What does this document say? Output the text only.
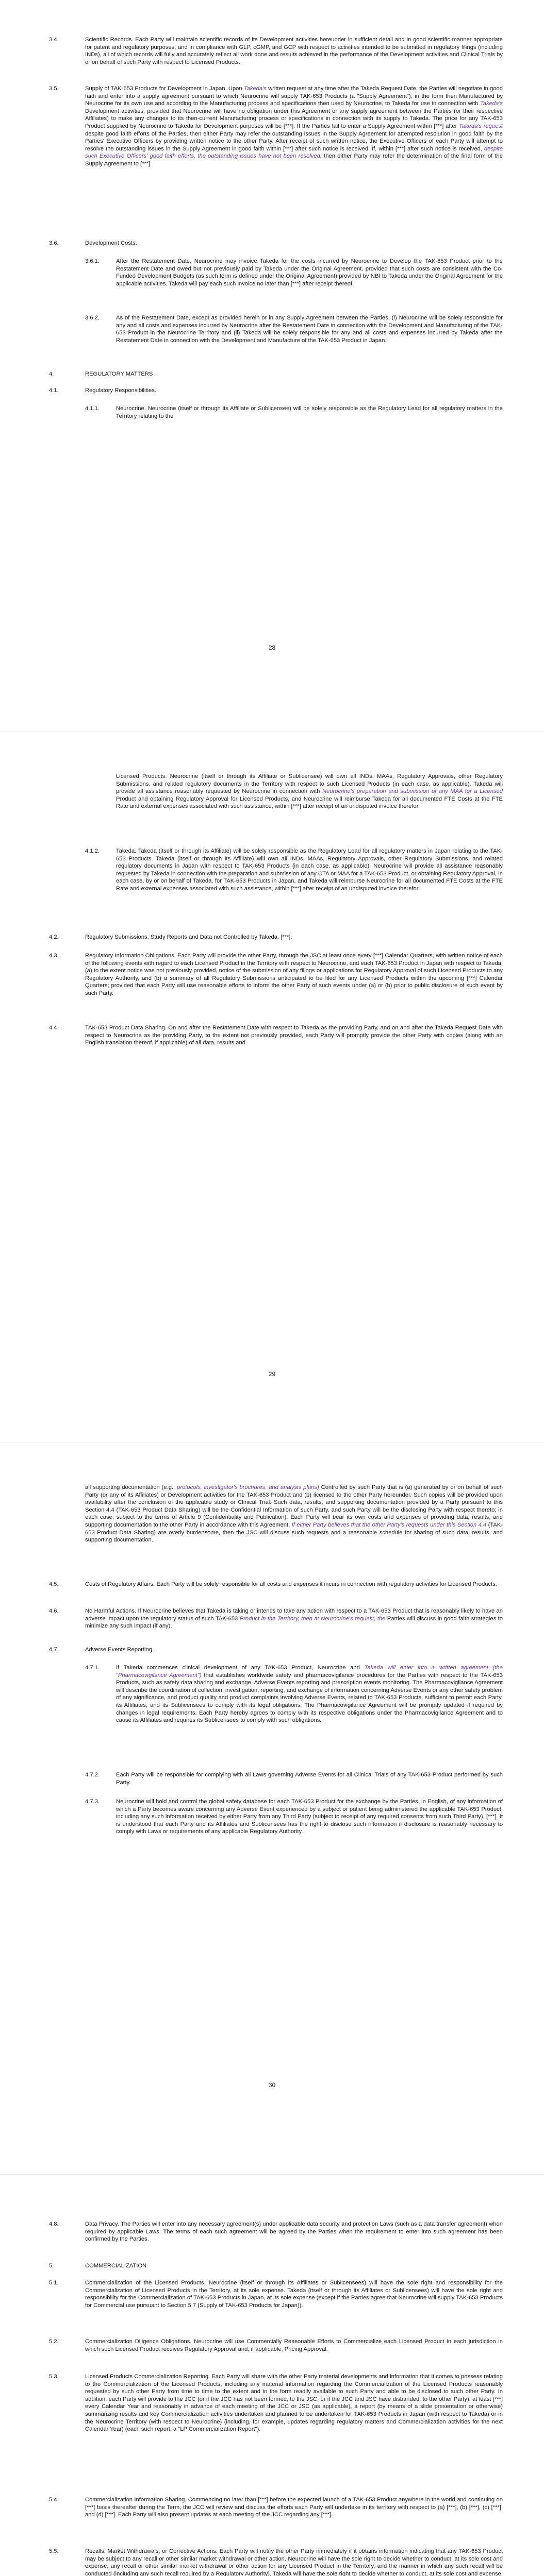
3.4.	Scientific Records. Each Party will maintain scientific records of its Development activities hereunder in sufficient detail and in good scientific manner appropriate for patent and regulatory purposes, and in compliance with GLP, cGMP, and GCP with respect to activities intended to be submitted in regulatory filings (including INDs), all of which records will fully and accurately reflect all work done and results achieved in the performance of the Development activities and Clinical Trials by or on behalf of such Party with respect to Licensed Products.
3.5.	Supply of TAK-653 Products for Development in Japan. Upon Takeda's written request at any time after the Takeda Request Date, the Parties will negotiate in good faith and enter into a supply agreement pursuant to which Neurocrine will supply TAK-653 Products (a "Supply Agreement"), in the form then Manufactured by Neurocrine for its own use and according to the Manufacturing process and specifications then used by Neurocrine, to Takeda for use in connection with Takeda's Development activities; provided that Neurocrine will have no obligation under this Agreement or any supply agreement between the Parties (or their respective Affiliates) to make any changes to its then-current Manufacturing process or specifications in connection with its supply to Takeda. The price for any TAK-653 Product supplied by Neurocrine to Takeda for Development purposes will be [***]. If the Parties fail to enter a Supply Agreement within [***] after Takeda's request despite good faith efforts of the Parties, then either Party may refer the outstanding issues in the Supply Agreement for attempted resolution in good faith by the Parties' Executive Officers by providing written notice to the other Party. After receipt of such written notice, the Executive Officers of each Party will attempt to resolve the outstanding issues in the Supply Agreement in good faith within [***] after such notice is received. If, within [***] after such notice is received, despite such Executive Officers' good faith efforts, the outstanding issues have not been resolved, then either Party may refer the determination of the final form of the Supply Agreement to [***].
3.6.	Development Costs.
3.6.1.	After the Restatement Date, Neurocrine may invoice Takeda for the costs incurred by Neurocrine to Develop the TAK-653 Product prior to the Restatement Date and owed but not previously paid by Takeda under the Original Agreement, provided that such costs are consistent with the Co-Funded Development Budgets (as such term is defined under the Original Agreement) provided by NBI to Takeda under the Original Agreement for the applicable activities. Takeda will pay each such invoice no later than [***] after receipt thereof.
3.6.2.	As of the Restatement Date, except as provided herein or in any Supply Agreement between the Parties, (i) Neurocrine will be solely responsible for any and all costs and expenses incurred by Neurocrine after the Restatement Date in connection with the Development and Manufacturing of the TAK-653 Product in the Neurocrine Territory and (ii) Takeda will be solely responsible for any and all costs and expenses incurred by Takeda after the Restatement Date in connection with the Development and Manufacture of the TAK-653 Product in Japan.
4.	REGULATORY MATTERS
4.1.	Regulatory Responsibilities.
4.1.1.	Neurocrine. Neurocrine (itself or through its Affiliate or Sublicensee) will be solely responsible as the Regulatory Lead for all regulatory matters in the Territory relating to the
28
Licensed Products. Neurocrine (itself or through its Affiliate or Sublicensee) will own all INDs, MAAs, Regulatory Approvals, other Regulatory Submissions, and related regulatory documents in the Territory with respect to such Licensed Products (in each case, as applicable). Takeda will provide all assistance reasonably requested by Neurocrine in connection with Neurocrine's preparation and submission of any MAA for a Licensed Product and obtaining Regulatory Approval for Licensed Products, and Neurocrine will reimburse Takeda for all documented FTE Costs at the FTE Rate and external expenses associated with such assistance, within [***] after receipt of an undisputed invoice therefor.
4.1.2.	Takeda. Takeda (itself or through its Affiliate) will be solely responsible as the Regulatory Lead for all regulatory matters in Japan relating to the TAK-653 Products. Takeda (itself or through its Affiliate) will own all INDs, MAAs, Regulatory Approvals, other Regulatory Submissions, and related regulatory documents in Japan with respect to TAK-653 Products (in each case, as applicable). Neurocrine will provide all assistance reasonably requested by Takeda in connection with the preparation and submission of any CTA or MAA for a TAK-653 Product, or obtaining Regulatory Approval, in each case, by or on behalf of Takeda, for TAK-653 Products in Japan, and Takeda will reimburse Neurocrine for all documented FTE Costs at the FTE Rate and external expenses associated with such assistance, within [***] after receipt of an undisputed invoice therefor.
4.2.	Regulatory Submissions, Study Reports and Data not Controlled by Takeda. [***].
4.3.	Regulatory Information Obligations. Each Party will provide the other Party, through the JSC at least once every [***] Calendar Quarters, with written notice of each of the following events with regard to each Licensed Product in the Territory with respect to Neurocrine, and each TAK-653 Product in Japan with respect to Takeda: (a) to the extent notice was not previously provided, notice of the submission of any filings or applications for Regulatory Approval of such Licensed Products to any Regulatory Authority, and (b) a summary of all Regulatory Submissions anticipated to be filed for any Licensed Products within the upcoming [***] Calendar Quarters; provided that each Party will use reasonable efforts to inform the other Party of such events under (a) or (b) prior to public disclosure of such event by such Party.
4.4.	TAK-653 Product Data Sharing. On and after the Restatement Date with respect to Takeda as the providing Party, and on and after the Takeda Request Date with respect to Neurocrine as the providing Party, to the extent not previously provided, each Party will promptly provide the other Party with copies (along with an English translation thereof, if applicable) of all data, results and
29
all supporting documentation (e.g., protocols, investigator's brochures, and analysis plans) Controlled by such Party that is (a) generated by or on behalf of such Party (or any of its Affiliates) or Development activities for the TAK-653 Product and (b) licensed to the other Party hereunder. Such copies will be provided upon availability after the conclusion of the applicable study or Clinical Trial. Such data, results, and supporting documentation provided by a Party pursuant to this Section 4.4 (TAK-653 Product Data Sharing) will be the Confidential Information of such Party, and such Party will be the disclosing Party with respect thereto; in each case, subject to the terms of Article 9 (Confidentiality and Publication). Each Party will bear its own costs and expenses of providing data, results, and supporting documentation to the other Party in accordance with this Agreement. If either Party believes that the other Party's requests under this Section 4.4 (TAK-653 Product Data Sharing) are overly burdensome, then the JSC will discuss such requests and a reasonable schedule for sharing of such data, results, and supporting documentation.
4.5.	Costs of Regulatory Affairs. Each Party will be solely responsible for all costs and expenses it incurs in connection with regulatory activities for Licensed Products.
4.6.	No Harmful Actions. If Neurocrine believes that Takeda is taking or intends to take any action with respect to a TAK-653 Product that is reasonably likely to have an adverse impact upon the regulatory status of such TAK-653 Product in the Territory, then at Neurocrine's request, the Parties will discuss in good faith strategies to minimize any such impact (if any).
4.7.	Adverse Events Reporting.
4.7.1.	If Takeda commences clinical development of any TAK-653 Product, Neurocrine and Takeda will enter into a written agreement (the "Pharmacovigilance Agreement") that establishes worldwide safety and pharmacovigilance procedures for the Parties with respect to the TAK-653 Products, such as safety data sharing and exchange, Adverse Events reporting and prescription events monitoring. The Pharmacovigilance Agreement will describe the coordination of collection, investigation, reporting, and exchange of information concerning Adverse Events or any other safety problem of any significance, and product quality and product complaints involving Adverse Events, related to TAK-653 Products, sufficient to permit each Party, its Affiliates, and its Sublicensees to comply with its legal obligations. The Pharmacovigilance Agreement will be promptly updated if required by changes in legal requirements. Each Party hereby agrees to comply with its respective obligations under the Pharmacovigilance Agreement and to cause its Affiliates and requires its Sublicensees to comply with such obligations.
4.7.2.	Each Party will be responsible for complying with all Laws governing Adverse Events for all Clinical Trials of any TAK-653 Product performed by such Party.
4.7.3.	Neurocrine will hold and control the global safety database for each TAK-653 Product for the exchange by the Parties, in English, of any information of which a Party becomes aware concerning any Adverse Event experienced by a subject or patient being administered the applicable TAK-653 Product, including any such information received by either Party from any Third Party (subject to receipt of any required consents from such Third Party). [***]. It is understood that each Party and its Affiliates and Sublicensees has the right to disclose such information if disclosure is reasonably necessary to comply with Laws or requirements of any applicable Regulatory Authority.
30
4.8.	Data Privacy. The Parties will enter into any necessary agreement(s) under applicable data security and protection Laws (such as a data transfer agreement) when required by applicable Laws. The terms of each such agreement will be agreed by the Parties when the requirement to enter into such agreement has been confirmed by the Parties.
5.	COMMERCIALIZATION
5.1.	Commercialization of the Licensed Products. Neurocrine (itself or through its Affiliates or Sublicensees) will have the sole right and responsibility for the Commercialization of Licensed Products in the Territory, at its sole expense. Takeda (itself or through its Affiliates or Sublicensees) will have the sole right and responsibility for the Commercialization of TAK-653 Products in Japan, at its sole expense (except if the Parties agree that Neurocrine will supply TAK-653 Products for Commercial use pursuant to Section 5.7 (Supply of TAK-653 Products for Japan)).
5.2.	Commercialization Diligence Obligations. Neurocrine will use Commercially Reasonable Efforts to Commercialize each Licensed Product in each jurisdiction in which such Licensed Product receives Regulatory Approval and, if applicable, Pricing Approval.
5.3.	Licensed Products Commercialization Reporting. Each Party will share with the other Party material developments and information that it comes to possess relating to the Commercialization of the Licensed Products, including any material information regarding the Commercialization of the Licensed Products reasonably requested by such other Party from time to time to the extent and in the form readily available to such Party and able to be disclosed to such other Party. In addition, each Party will provide to the JCC (or if the JCC has not been formed, to the JSC, or if the JCC and JSC have disbanded, to the other Party), at least [***] every Calendar Year and reasonably in advance of each meeting of the JCC or JSC (as applicable), a report (by means of a slide presentation or otherwise) summarizing results and key Commercialization activities undertaken and planned to be undertaken for TAK-653 Products in Japan (with respect to Takeda) or in the Neurocrine Territory (with respect to Neurocrine) (including, for example, updates regarding regulatory matters and Commercialization activities for the next Calendar Year) (each such report, a "LP Commercialization Report").
5.4.	Commercialization Information Sharing. Commencing no later than [***] before the expected launch of a TAK-653 Product anywhere in the world and continuing on [***] basis thereafter during the Term, the JCC will review and discuss the efforts each Party will undertake in its territory with respect to (a) [***], (b) [***], (c) [***], and (d) [***]. Each Party will also present updates at each meeting of the JCC regarding any [***].
5.5.	Recalls, Market Withdrawals, or Corrective Actions. Each Party will notify the other Party immediately if it obtains information indicating that any TAK-653 Product may be subject to any recall or other similar market withdrawal or other action. Neurocrine will have the sole right to decide whether to conduct, at its sole cost and expense, any recall or other similar market withdrawal or other action for any Licensed Product in the Territory, and the manner in which any such recall will be conducted (including any such recall required by a Regulatory Authority). Takeda will have the sole right to decide whether to conduct, at its sole cost and expense,
